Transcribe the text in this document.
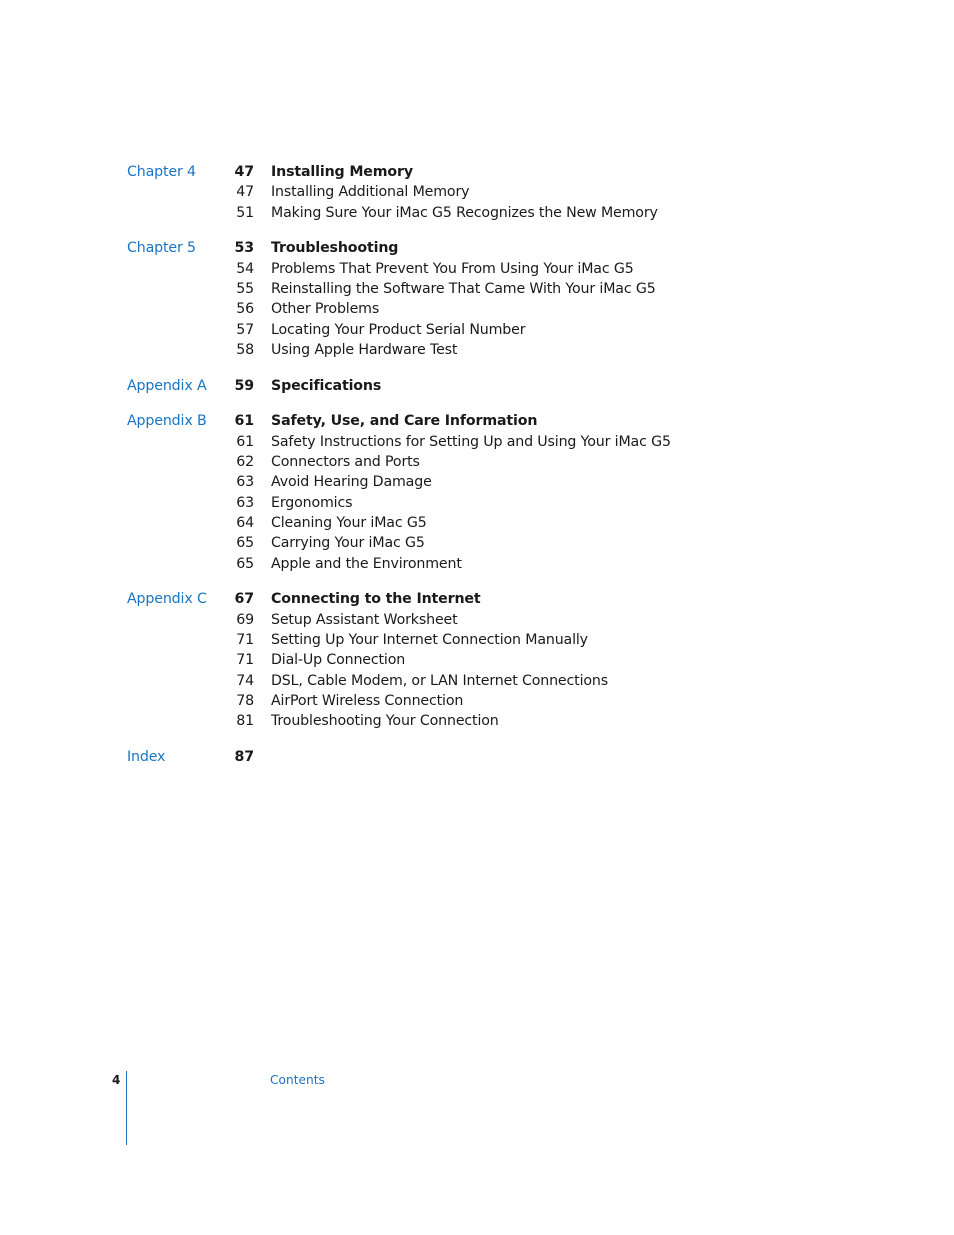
Chapter 4	47 Installing Memory
47 Installing Additional Memory
51 Making Sure Your iMac G5 Recognizes the New Memory
Chapter 5	53 Troubleshooting
54 Problems That Prevent You From Using Your iMac G5
55 Reinstalling the Software That Came With Your iMac G5
56 Other Problems
57 Locating Your Product Serial Number
58 Using Apple Hardware Test
Appendix A 59 Specifications
Appendix B 61 Safety, Use, and Care Information
61 Safety Instructions for Setting Up and Using Your iMac G5
62 Connectors and Ports
63 Avoid Hearing Damage
63 Ergonomics
64 Cleaning Your iMac G5
65 Carrying Your iMac G5
65 Apple and the Environment
Appendix C 67 Connecting to the Internet
69 Setup Assistant Worksheet
71 Setting Up Your Internet Connection Manually
71 Dial-Up Connection
74 DSL, Cable Modem, or LAN Internet Connections
78 AirPort Wireless Connection
81 Troubleshooting Your Connection
Index	87
4	Contents
